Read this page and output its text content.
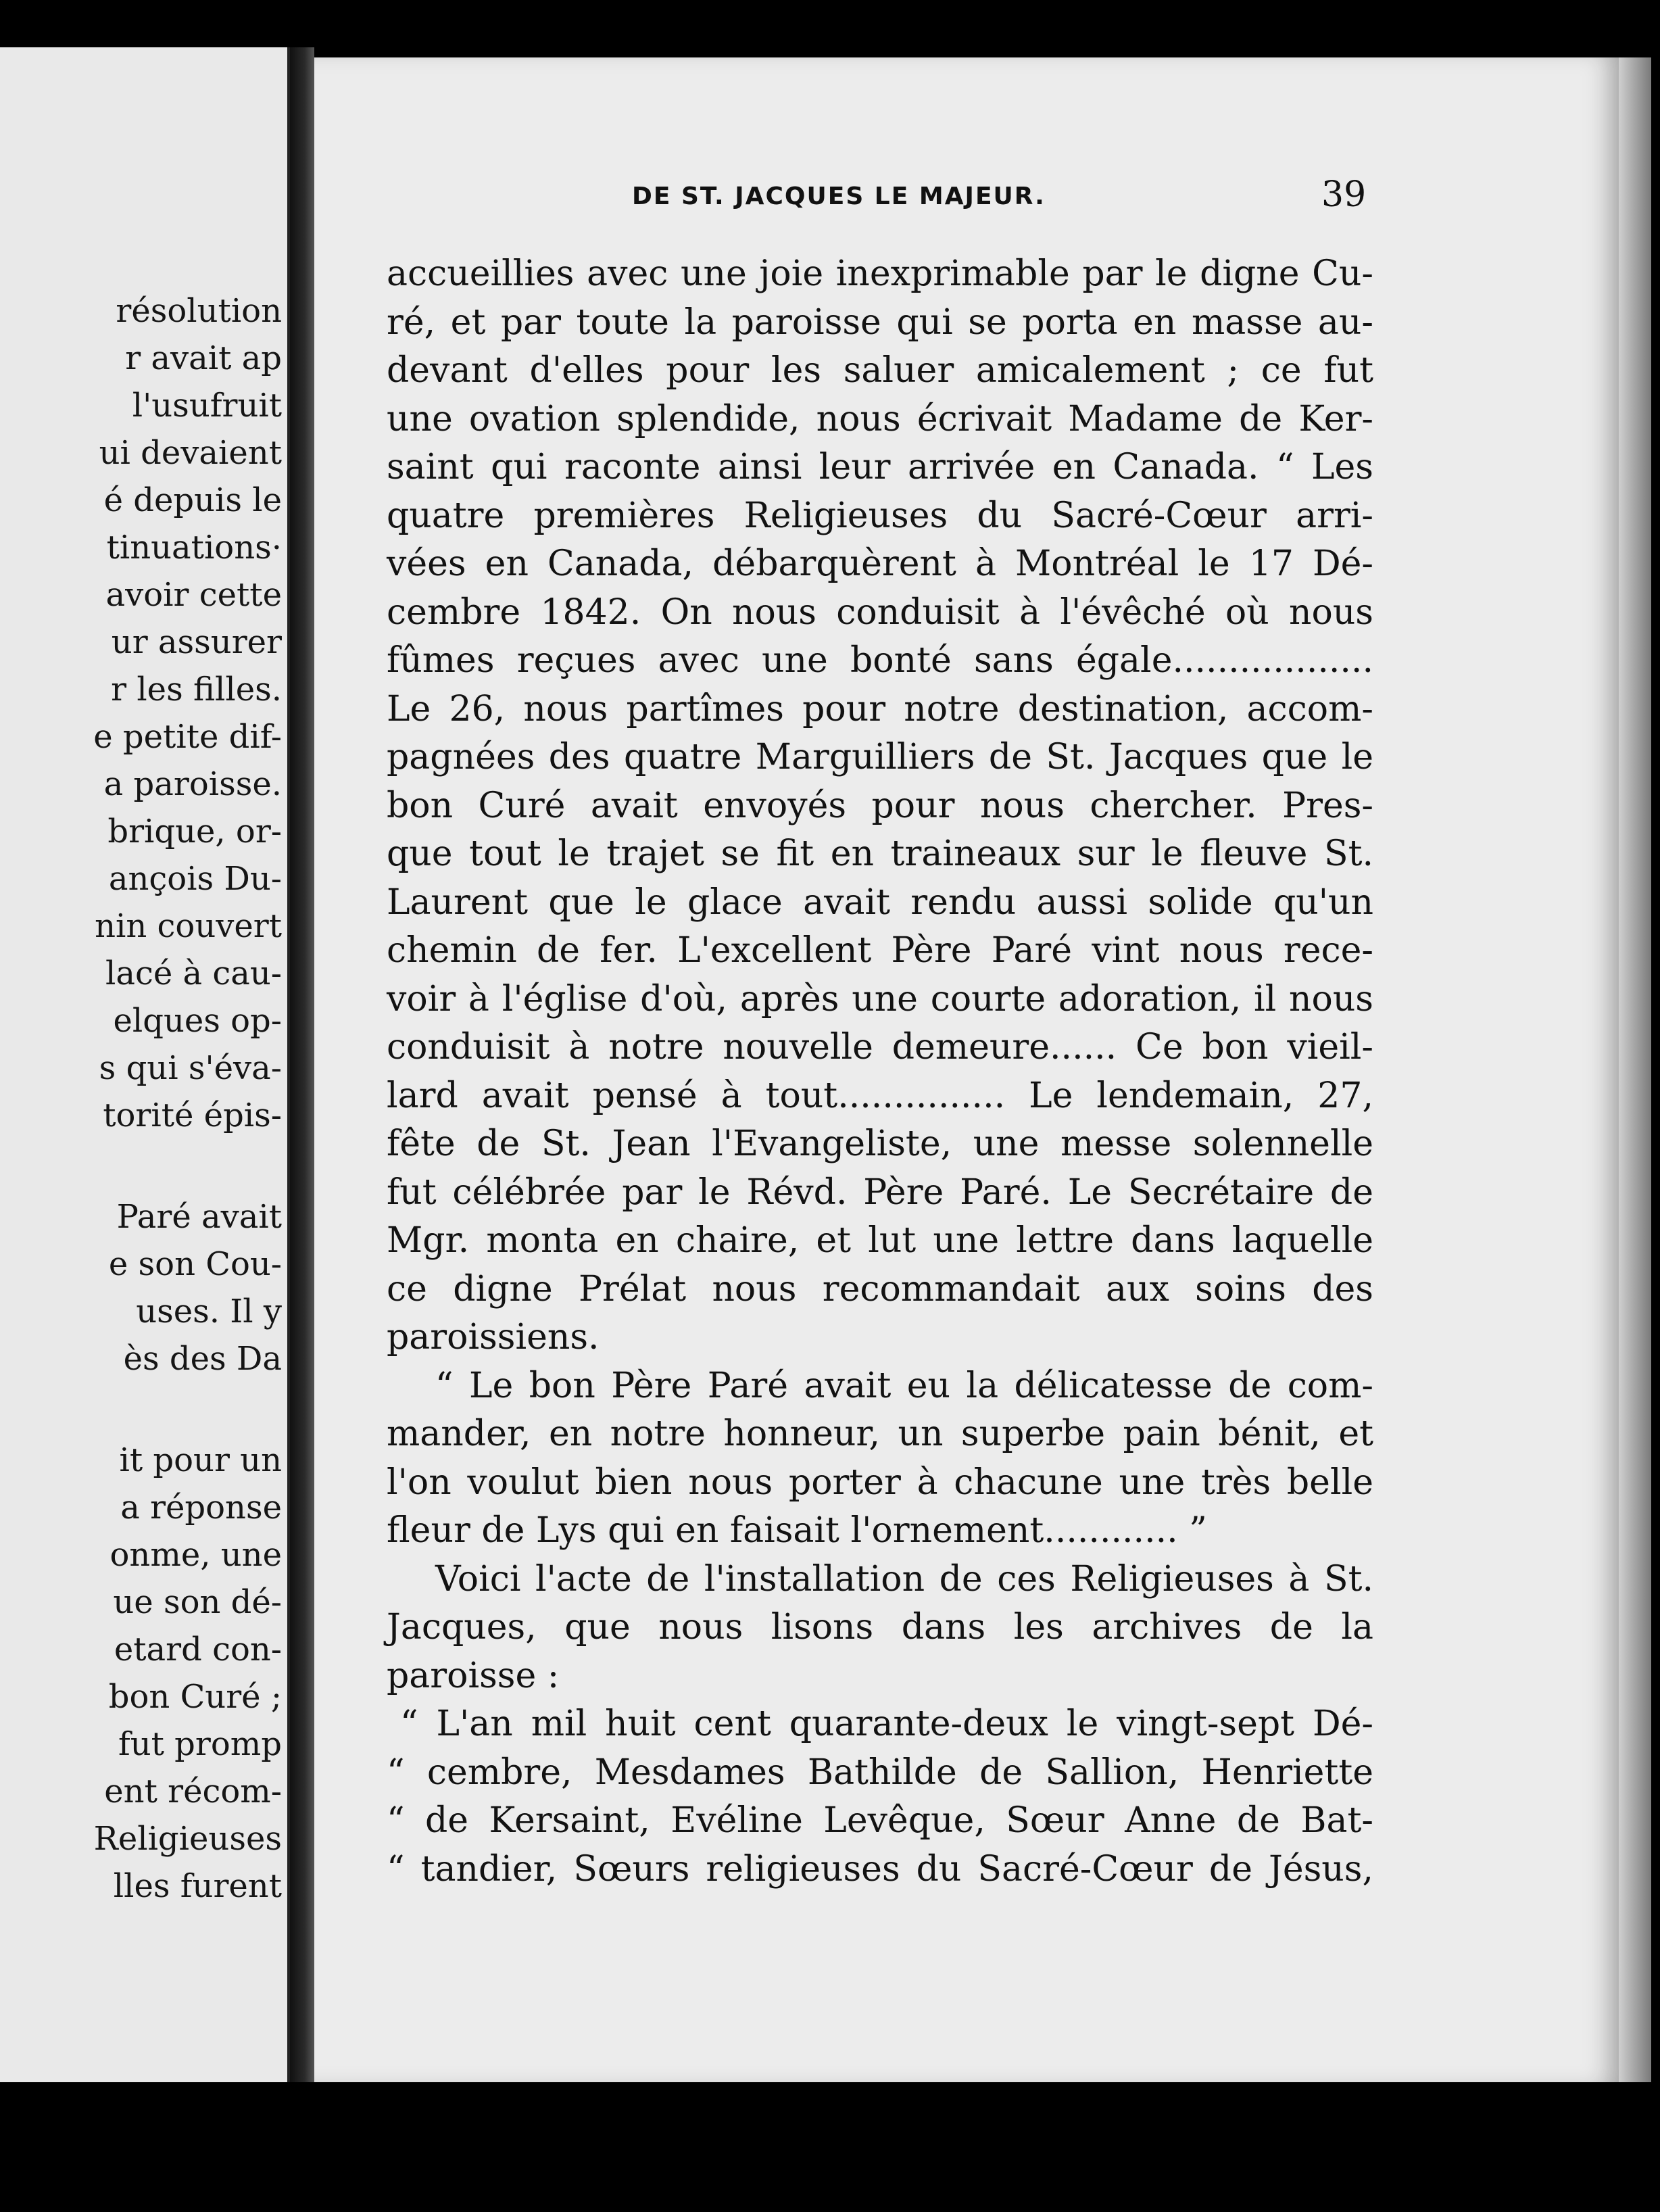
résolution
r avait ap
l'usufruit
ui devaient
é depuis le
tinuations·
avoir cette
ur assurer
r les filles.
e petite dif-
a paroisse.
brique, or-
ançois Du-
nin couvert
lacé à cau-
elques op-
s qui s'éva-
torité épis-
Paré avait
e son Cou-
uses. Il y
ès des Da
it pour un
a réponse
onme, une
ue son dé-
etard con-
bon Curé ;
fut promp
ent récom-
Religieuses
lles furent
DE ST. JACQUES LE MAJEUR.	39
accueillies avec une joie inexprimable par le digne Cu-
ré, et par toute la paroisse qui se porta en masse au-
devant d'elles pour les saluer amicalement ; ce fut
une ovation splendide, nous écrivait Madame de Ker-
saint qui raconte ainsi leur arrivée en Canada. “ Les
quatre premières Religieuses du Sacré-Cœur arri-
vées en Canada, débarquèrent à Montréal le 17 Dé-
cembre 1842. On nous conduisit à l'évêché où nous
fûmes reçues avec une bonté sans égale..................
Le 26, nous partîmes pour notre destination, accom-
pagnées des quatre Marguilliers de St. Jacques que le
bon Curé avait envoyés pour nous chercher. Pres-
que tout le trajet se fit en traineaux sur le fleuve St.
Laurent que le glace avait rendu aussi solide qu'un
chemin de fer. L'excellent Père Paré vint nous rece-
voir à l'église d'où, après une courte adoration, il nous
conduisit à notre nouvelle demeure...... Ce bon vieil-
lard avait pensé à tout............... Le lendemain, 27,
fête de St. Jean l'Evangeliste, une messe solennelle
fut célébrée par le Révd. Père Paré. Le Secrétaire de
Mgr. monta en chaire, et lut une lettre dans laquelle
ce digne Prélat nous recommandait aux soins des
paroissiens.
“ Le bon Père Paré avait eu la délicatesse de com-
mander, en notre honneur, un superbe pain bénit, et
l'on voulut bien nous porter à chacune une très belle
fleur de Lys qui en faisait l'ornement............ ”
Voici l'acte de l'installation de ces Religieuses à St.
Jacques, que nous lisons dans les archives de la
paroisse :
“ L'an mil huit cent quarante-deux le vingt-sept Dé-
“ cembre, Mesdames Bathilde de Sallion, Henriette
“ de Kersaint, Evéline Levêque, Sœur Anne de Bat-
“ tandier, Sœurs religieuses du Sacré-Cœur de Jésus,
